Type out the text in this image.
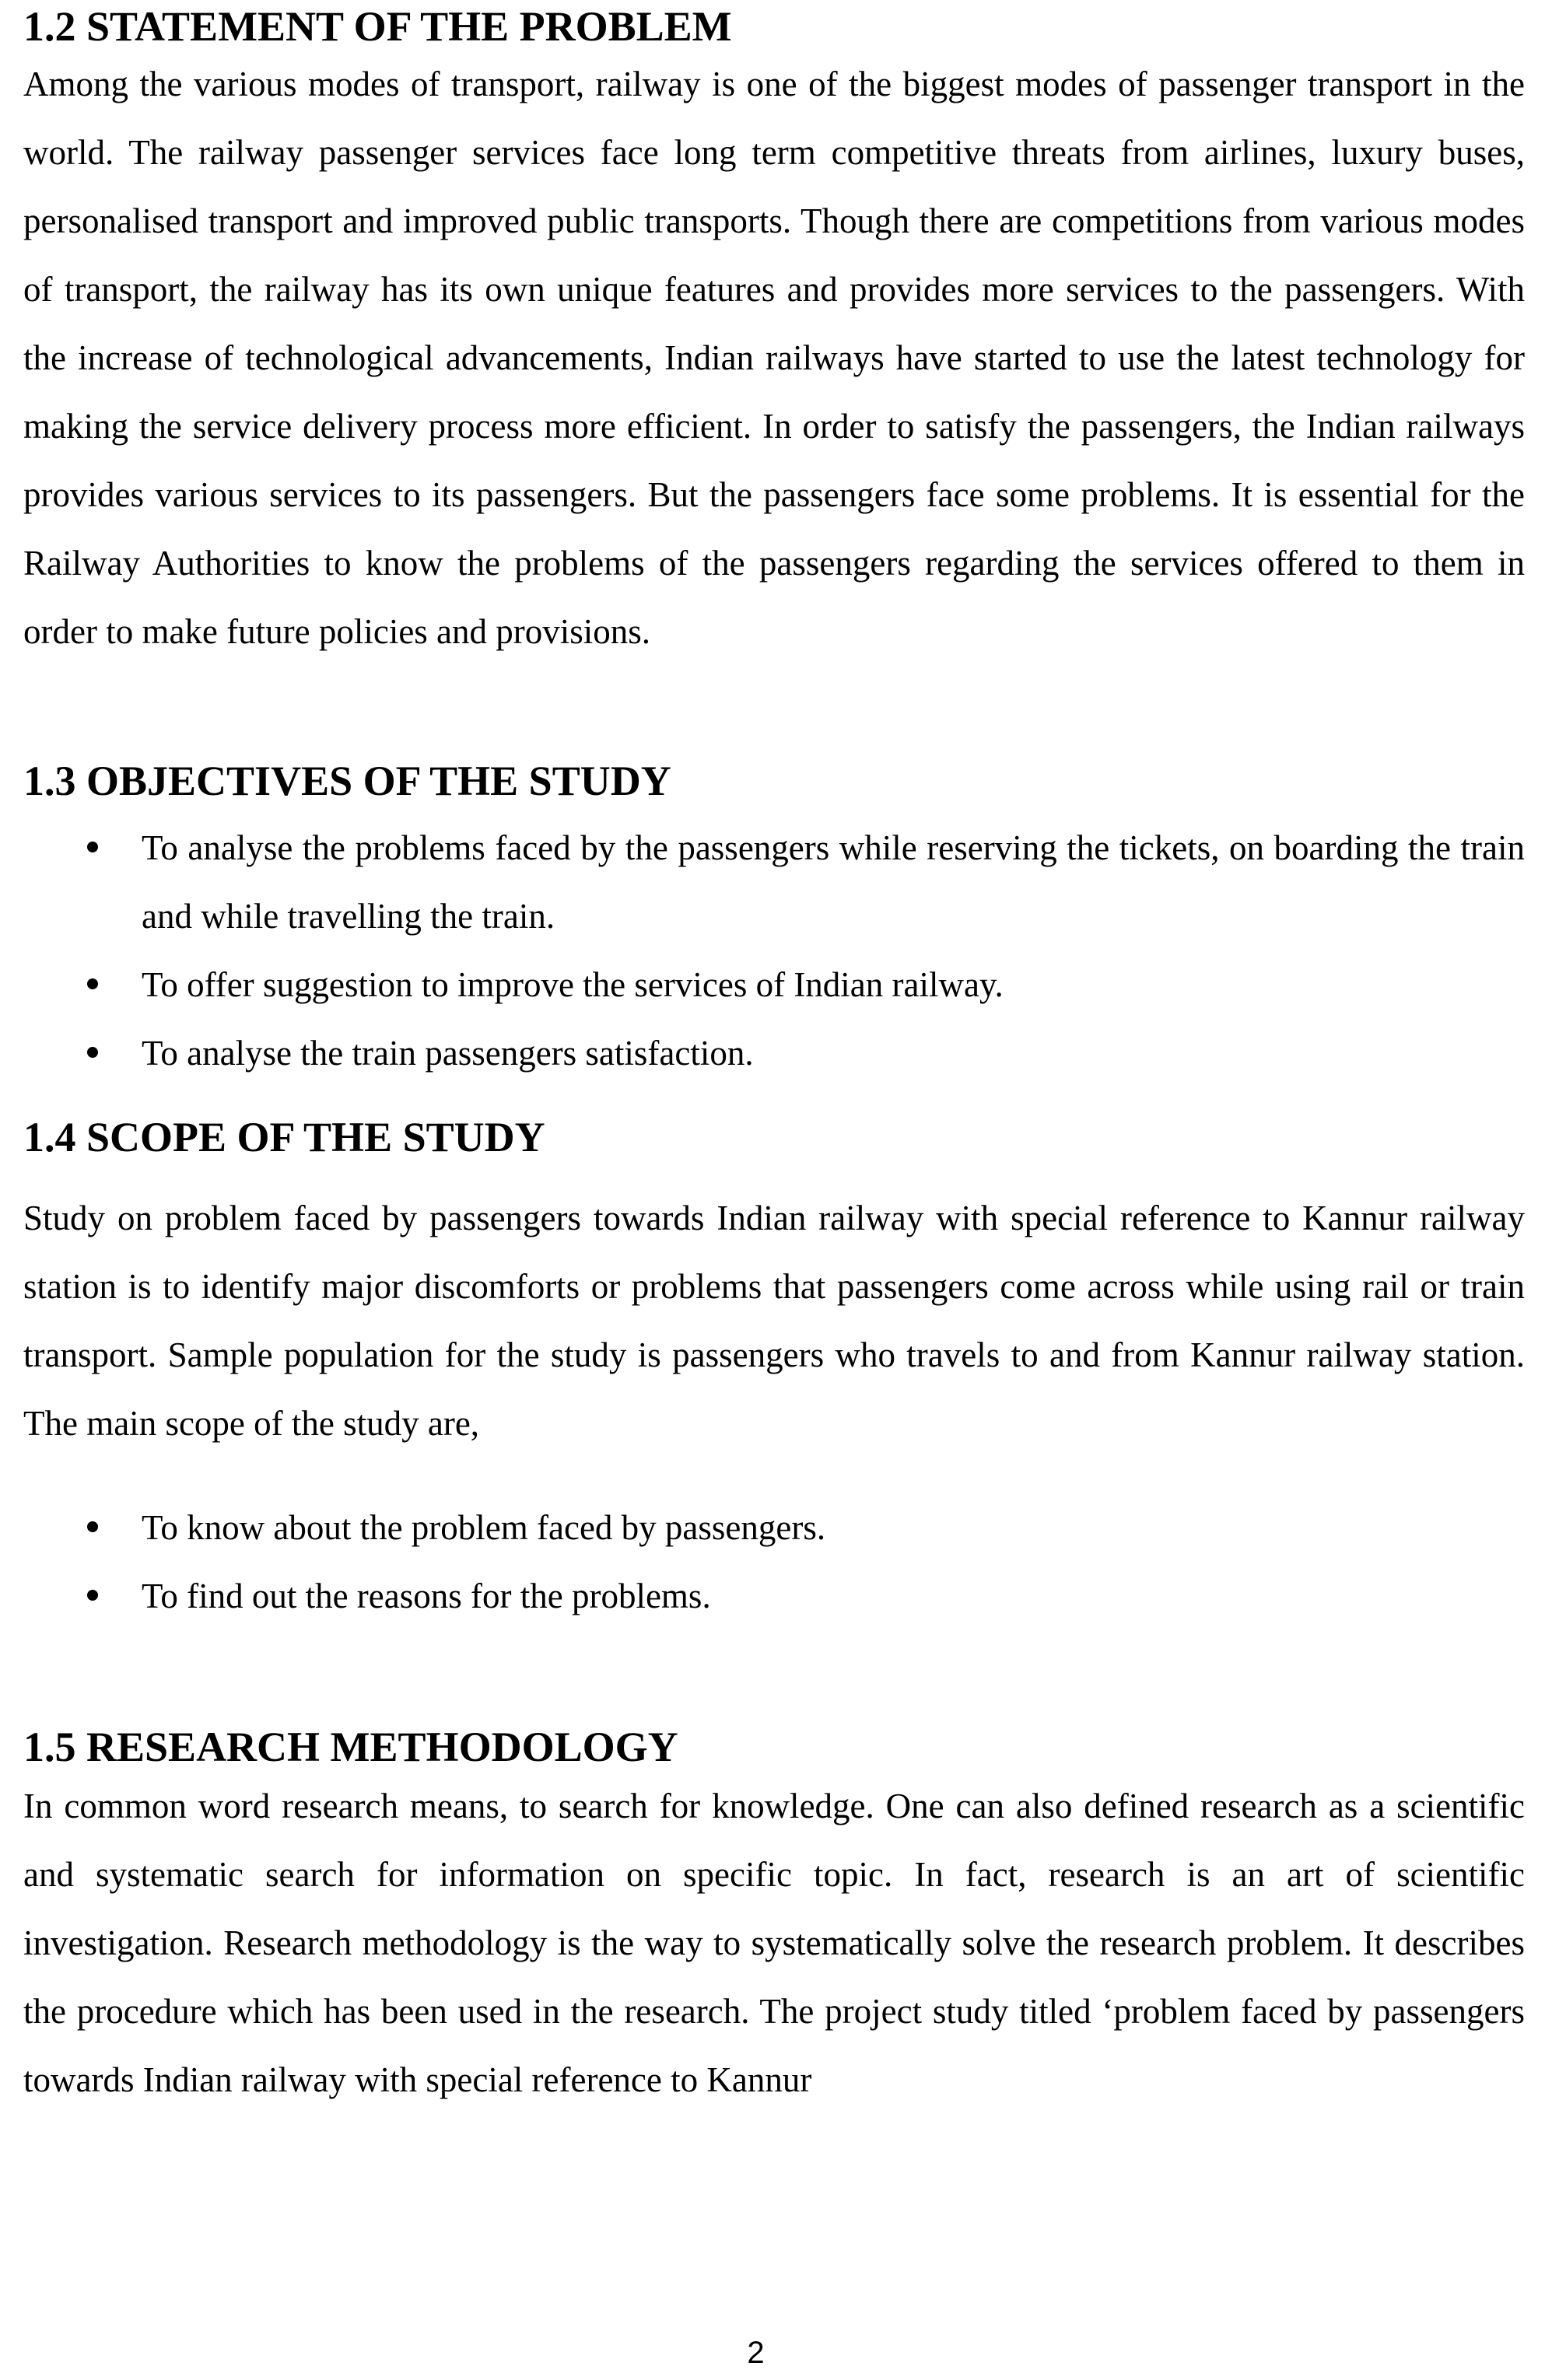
1.2 STATEMENT OF THE PROBLEM

Among the various modes of transport, railway is one of the biggest modes of passenger transport in the world. The railway passenger services face long term competitive threats from airlines, luxury buses, personalised transport and improved public transports. Though there are competitions from various modes of transport, the railway has its own unique features and provides more services to the passengers. With the increase of technological advancements, Indian railways have started to use the latest technology for making the service delivery process more efficient. In order to satisfy the passengers, the Indian railways provides various services to its passengers. But the passengers face some problems. It is essential for the Railway Authorities to know the problems of the passengers regarding the services offered to them in order to make future policies and provisions.

1.3 OBJECTIVES OF THE STUDY
To analyse the problems faced by the passengers while reserving the tickets, on boarding the train and while travelling the train.
To offer suggestion to improve the services of Indian railway.
To analyse the train passengers satisfaction.
1.4 SCOPE OF THE STUDY

Study on problem faced by passengers towards Indian railway with special reference to Kannur railway station is to identify major discomforts or problems that passengers come across while using rail or train transport. Sample population for the study is passengers who travels to and from Kannur railway station. The main scope of the study are,

To know about the problem faced by passengers.
To find out the reasons for the problems.
1.5 RESEARCH METHODOLOGY

In common word research means, to search for knowledge. One can also defined research as a scientific and systematic search for information on specific topic. In fact, research is an art of scientific investigation. Research methodology is the way to systematically solve the research problem. It describes the procedure which has been used in the research. The project study titled ‘problem faced by passengers towards Indian railway with special reference to Kannur

2
